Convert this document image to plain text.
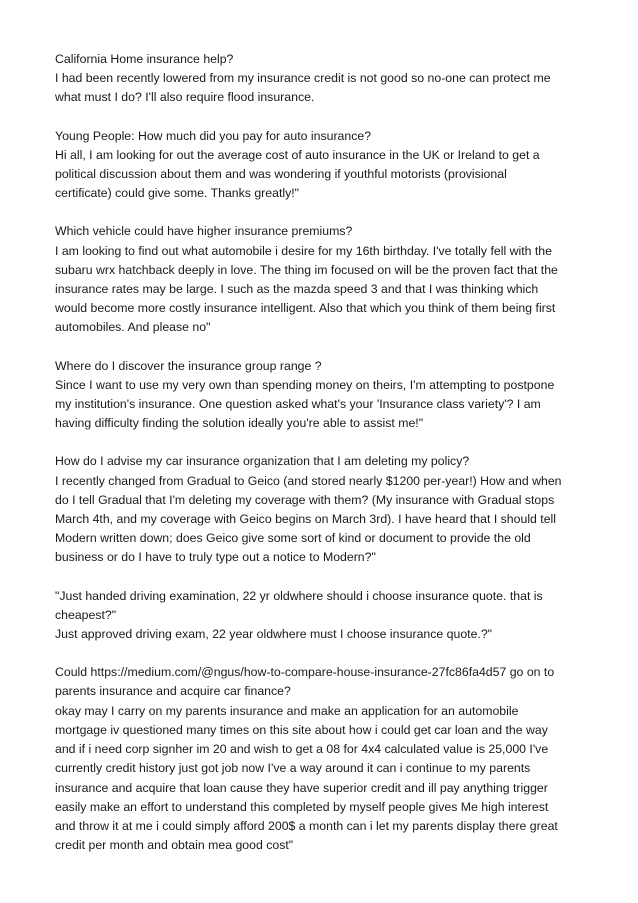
California Home insurance help?
I had been recently lowered from my insurance credit is not good so no-one can protect me
what must I do? I'll also require flood insurance.
Young People: How much did you pay for auto insurance?
Hi all, I am looking for out the average cost of auto insurance in the UK or Ireland to get a
political discussion about them and was wondering if youthful motorists (provisional
certificate) could give some. Thanks greatly!"
Which vehicle could have higher insurance premiums?
I am looking to find out what automobile i desire for my 16th birthday. I've totally fell with the
subaru wrx hatchback deeply in love. The thing im focused on will be the proven fact that the
insurance rates may be large. I such as the mazda speed 3 and that I was thinking which
would become more costly insurance intelligent. Also that which you think of them being first
automobiles. And please no"
Where do I discover the insurance group range ?
Since I want to use my very own than spending money on theirs, I'm attempting to postpone
my institution's insurance. One question asked what's your 'Insurance class variety'? I am
having difficulty finding the solution ideally you're able to assist me!"
How do I advise my car insurance organization that I am deleting my policy?
I recently changed from Gradual to Geico (and stored nearly $1200 per-year!) How and when
do I tell Gradual that I'm deleting my coverage with them? (My insurance with Gradual stops
March 4th, and my coverage with Geico begins on March 3rd). I have heard that I should tell
Modern written down; does Geico give some sort of kind or document to provide the old
business or do I have to truly type out a notice to Modern?"
"Just handed driving examination, 22 yr oldwhere should i choose insurance quote. that is
cheapest?"
Just approved driving exam, 22 year oldwhere must I choose insurance quote.?"
Could https://medium.com/@ngus/how-to-compare-house-insurance-27fc86fa4d57 go on to
parents insurance and acquire car finance?
okay may I carry on my parents insurance and make an application for an automobile
mortgage iv questioned many times on this site about how i could get car loan and the way
and if i need corp signher im 20 and wish to get a 08 for 4x4 calculated value is 25,000 I've
currently credit history just got job now I've a way around it can i continue to my parents
insurance and acquire that loan cause they have superior credit and ill pay anything trigger
easily make an effort to understand this completed by myself people gives Me high interest
and throw it at me i could simply afford 200$ a month can i let my parents display there great
credit per month and obtain mea good cost"
